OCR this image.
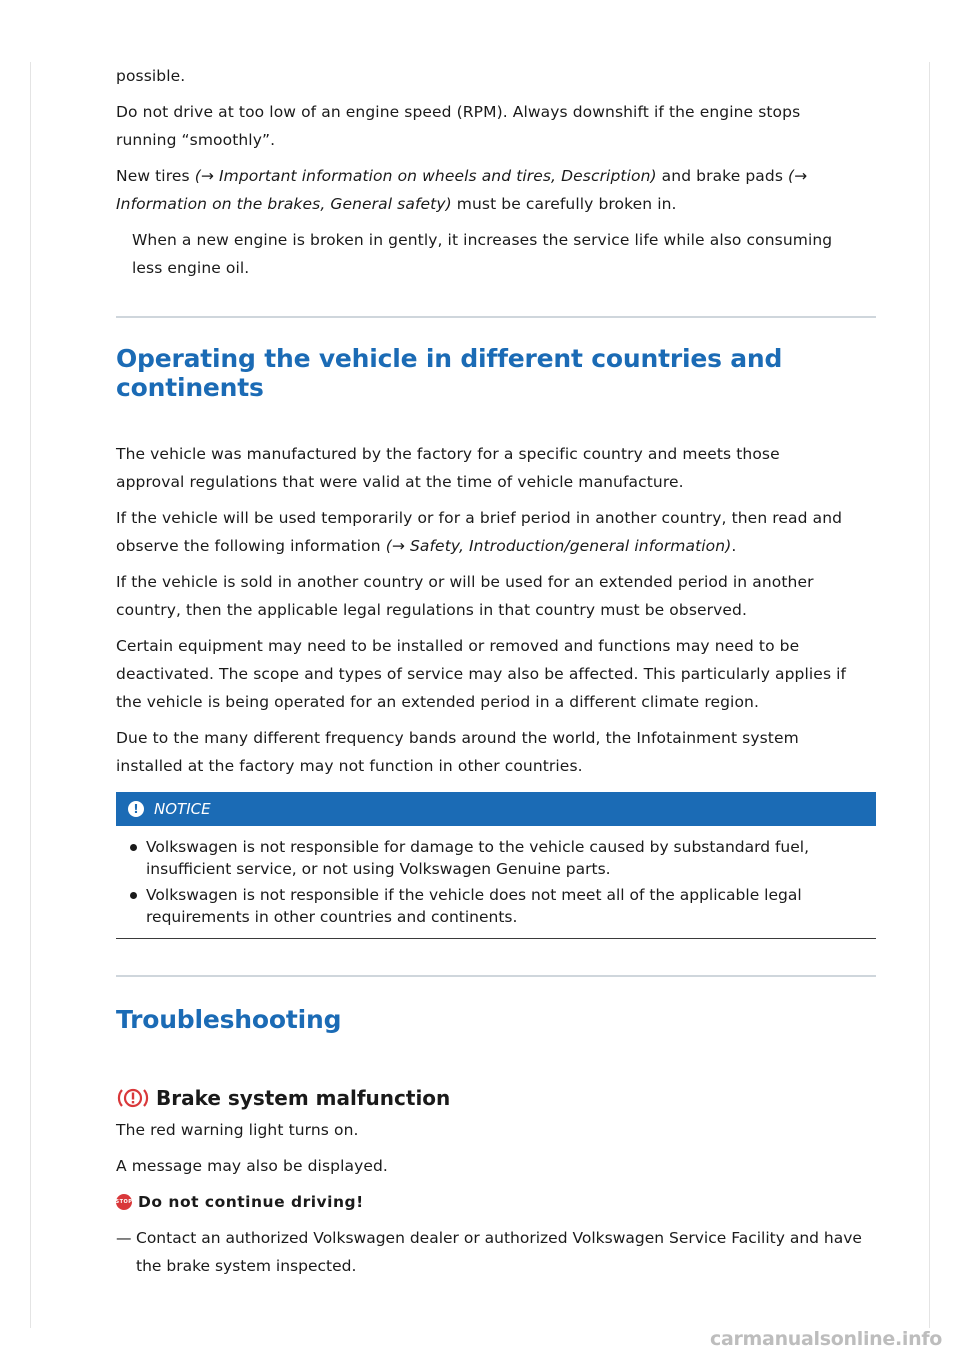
possible.

Do not drive at too low of an engine speed (RPM). Always downshift if the engine stops running “smoothly”.

New tires (→ Important information on wheels and tires, Description) and brake pads (→ Information on the brakes, General safety) must be carefully broken in.

When a new engine is broken in gently, it increases the service life while also consuming less engine oil.

Operating the vehicle in different countries and continents

The vehicle was manufactured by the factory for a specific country and meets those approval regulations that were valid at the time of vehicle manufacture.

If the vehicle will be used temporarily or for a brief period in another country, then read and observe the following information (→ Safety, Introduction/general information).

If the vehicle is sold in another country or will be used for an extended period in another country, then the applicable legal regulations in that country must be observed.

Certain equipment may need to be installed or removed and functions may need to be deactivated. The scope and types of service may also be affected. This particularly applies if the vehicle is being operated for an extended period in a different climate region.

Due to the many different frequency bands around the world, the Infotainment system installed at the factory may not function in other countries.

!	NOTICE
Volkswagen is not responsible for damage to the vehicle caused by substandard fuel, insufficient service, or not using Volkswagen Genuine parts.
Volkswagen is not responsible if the vehicle does not meet all of the applicable legal requirements in other countries and continents.
Troubleshooting
Brake system malfunction

The red warning light turns on.

A message may also be displayed.

STOP Do not continue driving!

— Contact an authorized Volkswagen dealer or authorized Volkswagen Service Facility and have the brake system inspected.
carmanualsonline.info
